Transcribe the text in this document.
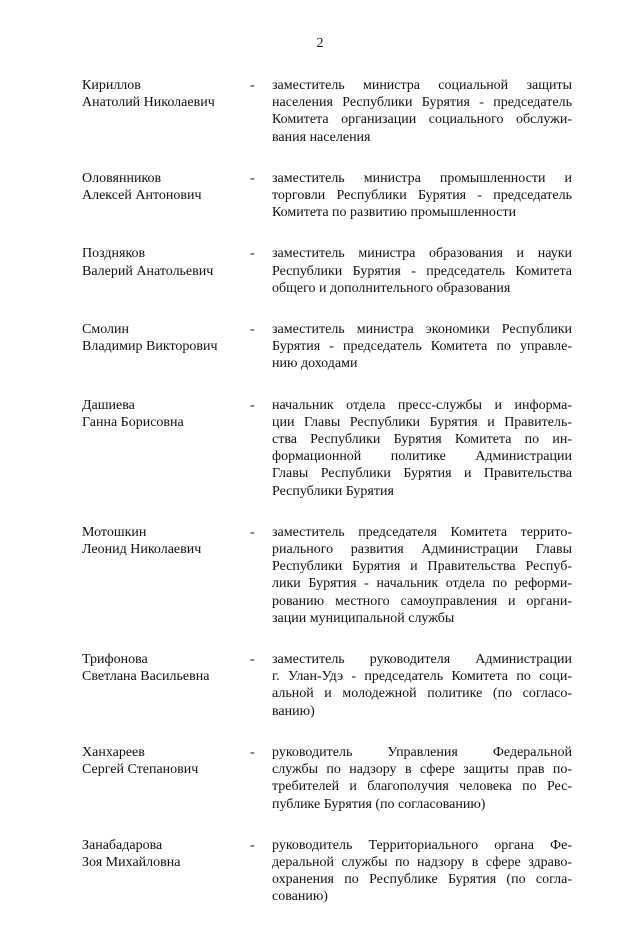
2
Кириллов
Анатолий Николаевич
-	заместитель министра социальной защиты
населения Республики Бурятия - председатель
Комитета организации социального обслужи-
вания населения
Оловянников
Алексей Антонович
-	заместитель министра промышленности и
торговли Республики Бурятия - председатель
Комитета по развитию промышленности
Поздняков
Валерий Анатольевич
-	заместитель министра образования и науки
Республики Бурятия - председатель Комитета
общего и дополнительного образования
Смолин
Владимир Викторович
-	заместитель министра экономики Республики
Бурятия - председатель Комитета по управле-
нию доходами
Дашиева
Ганна Борисовна
-	начальник отдела пресс-службы и информа-
ции Главы Республики Бурятия и Правитель-
ства Республики Бурятия Комитета по ин-
формационной политике Администрации
Главы Республики Бурятия и Правительства
Республики Бурятия
Мотошкин
Леонид Николаевич
-	заместитель председателя Комитета террито-
риального развития Администрации Главы
Республики Бурятия и Правительства Респуб-
лики Бурятия - начальник отдела по реформи-
рованию местного самоуправления и органи-
зации муниципальной службы
Трифонова
Светлана Васильевна
-	заместитель руководителя Администрации
г. Улан-Удэ - председатель Комитета по соци-
альной и молодежной политике (по согласо-
ванию)
Ханхареев
Сергей Степанович
-	руководитель Управления Федеральной
службы по надзору в сфере защиты прав по-
требителей и благополучия человека по Рес-
публике Бурятия (по согласованию)
Занабадарова
Зоя Михайловна
-	руководитель Территориального органа Фе-
деральной службы по надзору в сфере здраво-
охранения по Республике Бурятия (по согла-
сованию)
